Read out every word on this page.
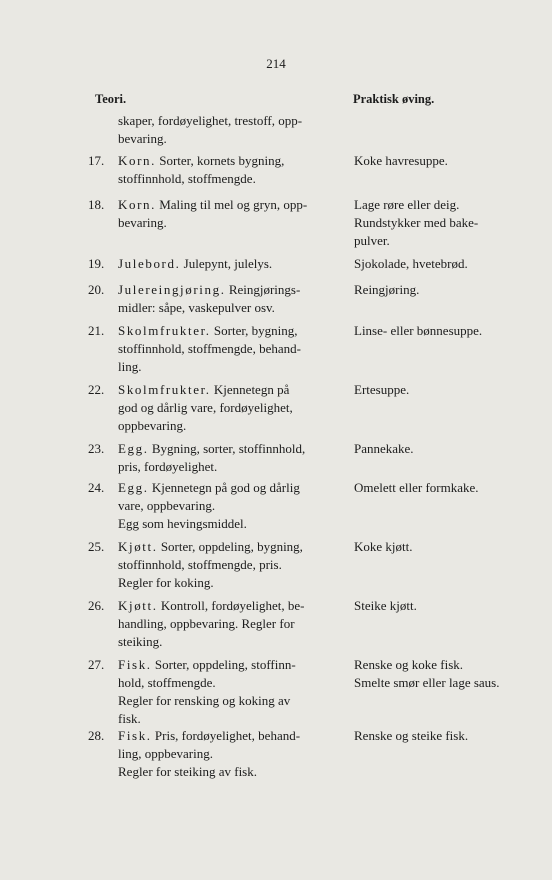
214
Teori.	Praktisk øving.
skaper, fordøyelighet, trestoff, opp-
bevaring.
17. Korn. Sorter, kornets bygning,
stoffinnhold, stoffmengde.
Koke havresuppe.
18. Korn. Maling til mel og gryn, opp-
bevaring.
Lage røre eller deig.
Rundstykker med bake-
pulver.
19. Julebord. Julepynt, julelys.	Sjokolade, hvetebrød.
20. Julereingjøring. Reingjørings-
midler: såpe, vaskepulver osv.
Reingjøring.
21. Skolmfrukter. Sorter, bygning,
stoffinnhold, stoffmengde, behand-
ling.
Linse- eller bønnesuppe.
22. Skolmfrukter. Kjennetegn på
god og dårlig vare, fordøyelighet,
oppbevaring.
Ertesuppe.
23. Egg. Bygning, sorter, stoffinnhold,
pris, fordøyelighet.
Pannekake.
24. Egg. Kjennetegn på god og dårlig
vare, oppbevaring.
Egg som hevingsmiddel.
Omelett eller formkake.
25. Kjøtt. Sorter, oppdeling, bygning,
stoffinnhold, stoffmengde, pris.
Regler for koking.
Koke kjøtt.
26. Kjøtt. Kontroll, fordøyelighet, be-
handling, oppbevaring. Regler for
steiking.
Steike kjøtt.
27. Fisk. Sorter, oppdeling, stoffinn-
hold, stoffmengde.
Regler for rensking og koking av
fisk.
Renske og koke fisk.
Smelte smør eller lage saus.
28. Fisk. Pris, fordøyelighet, behand-
ling, oppbevaring.
Regler for steiking av fisk.
Renske og steike fisk.
